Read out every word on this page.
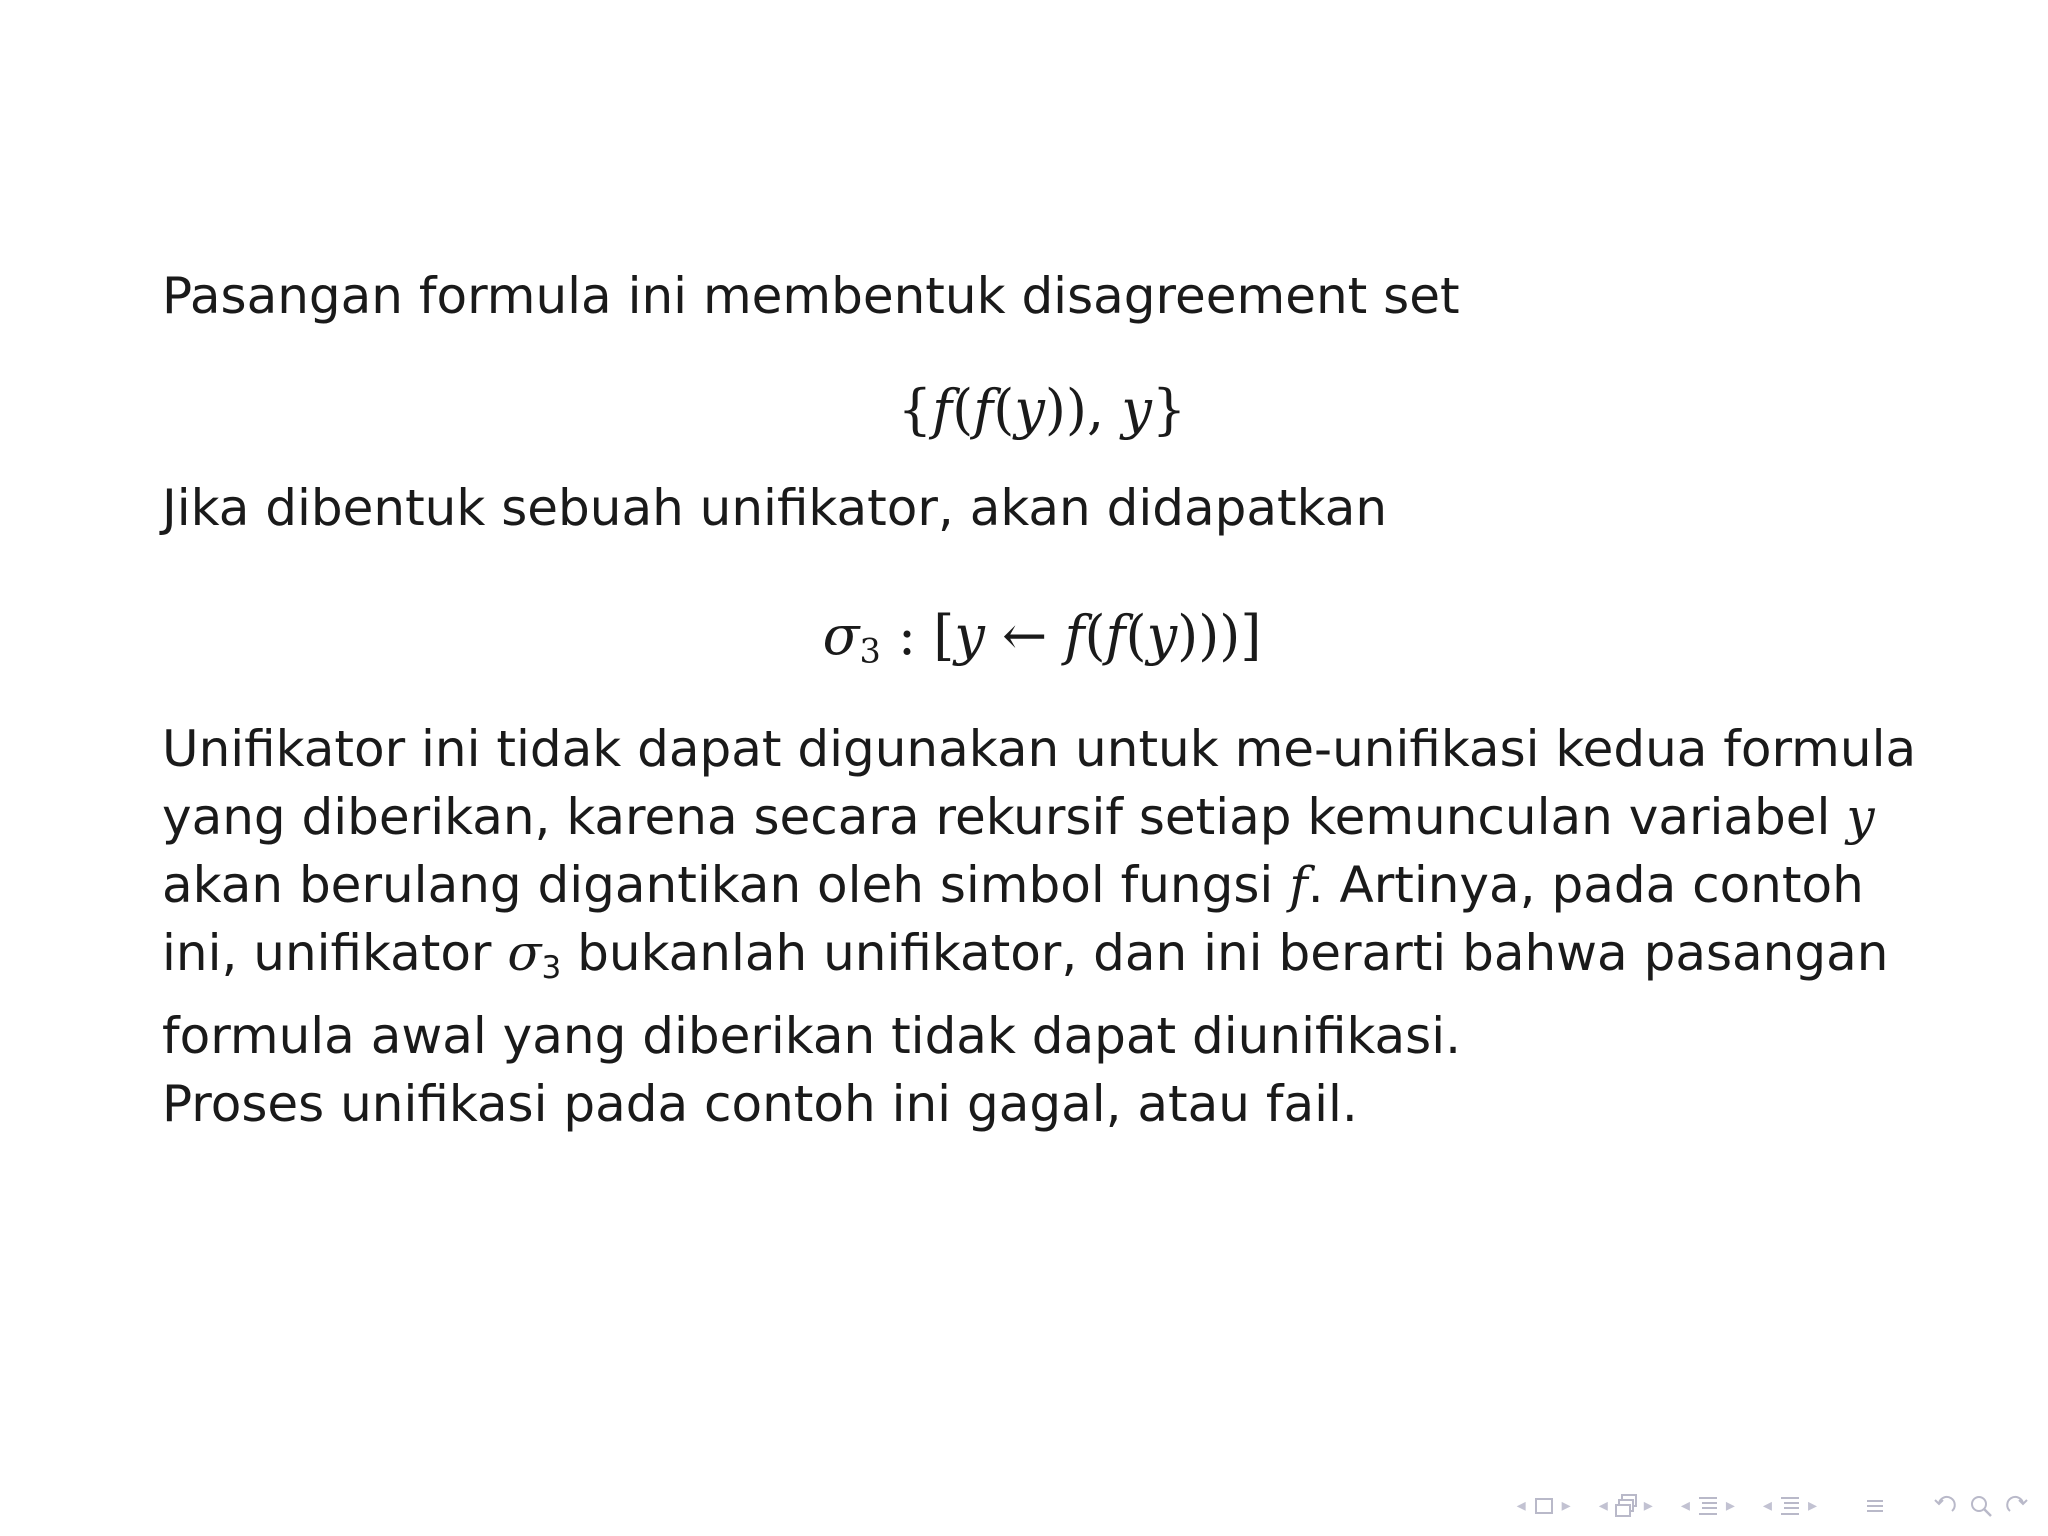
Pasangan formula ini membentuk disagreement set

{f(f(y)), y}

Jika dibentuk sebuah unifikator, akan didapatkan

$\sigma_3$ : [y ← f(f(y)))]

Unifikator ini tidak dapat digunakan untuk me-unifikasi kedua formula yang diberikan, karena secara rekursif setiap kemunculan variabel y akan berulang digantikan oleh simbol fungsi f. Artinya, pada contoh ini, unifikator $\sigma_3$ bukanlah unifikator, dan ini berarti bahwa pasangan formula awal yang diberikan tidak dapat diunifikasi.

Proses unifikasi pada contoh ini gagal, atau fail.

◂ ▸ ◂ ▸ ◂ ▸ ◂ ▸
